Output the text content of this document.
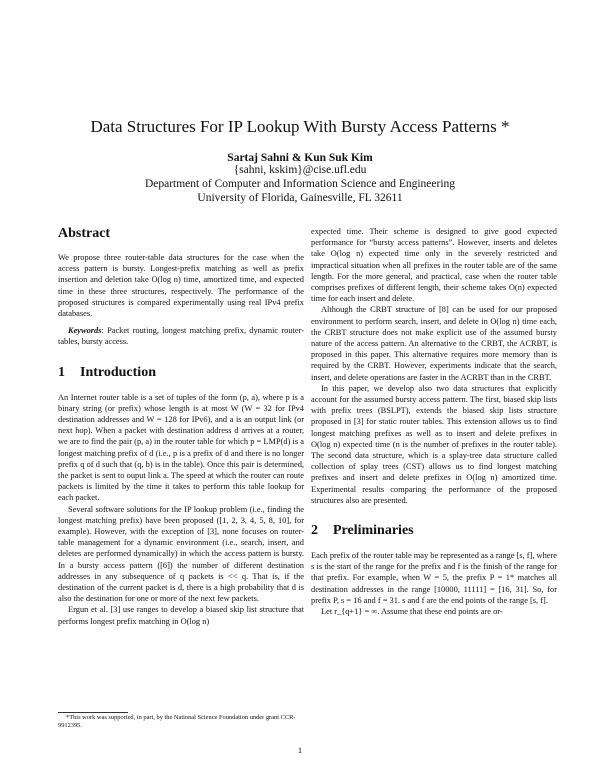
Data Structures For IP Lookup With Bursty Access Patterns *
Sartaj Sahni & Kun Suk Kim
{sahni, kskim}@cise.ufl.edu
Department of Computer and Information Science and Engineering
University of Florida, Gainesville, FL 32611
Abstract

We propose three router-table data structures for the case when the access pattern is bursty. Longest-prefix matching as well as prefix insertion and deletion take O(log n) time, amortized time, and expected time in these three structures, respectively. The performance of the proposed structures is compared experimentally using real IPv4 prefix databases.

Keywords: Packet routing, longest matching prefix, dynamic router-tables, bursty access.

1 Introduction

An Internet router table is a set of tuples of the form (p, a), where p is a binary string (or prefix) whose length is at most W (W = 32 for IPv4 destination addresses and W = 128 for IPv6), and a is an output link (or next hop). When a packet with destination address d arrives at a router, we are to find the pair (p, a) in the router table for which p = LMP(d) is a longest matching prefix of d (i.e., p is a prefix of d and there is no longer prefix q of d such that (q, b) is in the table). Once this pair is determined, the packet is sent to ouput link a. The speed at which the router can route packets is limited by the time it takes to perform this table lookup for each packet.

Several software solutions for the IP lookup problem (i.e., finding the longest matching prefix) have been proposed ([1, 2, 3, 4, 5, 8, 10], for example). However, with the exception of [3], none focuses on router-table management for a dynamic environment (i.e., search, insert, and deletes are performed dynamically) in which the access pattern is bursty. In a bursty access pattern ([6]) the number of different destination addresses in any subsequence of q packets is << q. That is, if the destination of the current packet is d, there is a high probability that d is also the destination for one or more of the next few packets.

Ergun et al. [3] use ranges to develop a biased skip list structure that performs longest prefix matching in O(log n)

expected time. Their scheme is designed to give good expected performance for “bursty access patterns”. However, inserts and deletes take O(log n) expected time only in the severely restricted and impractical situation when all prefixes in the router table are of the same length. For the more general, and practical, case when the router table comprises prefixes of different length, their scheme takes O(n) expected time for each insert and delete.

Although the CRBT structure of [8] can be used for our proposed environment to perform search, insert, and delete in O(log n) time each, the CRBT structure does not make explicit use of the assumed bursty nature of the access pattern. An alternative to the CRBT, the ACRBT, is proposed in this paper. This alternative requires more memory than is required by the CRBT. However, experiments indicate that the search, insert, and delete operations are faster in the ACRBT than in the CRBT.

In this paper, we develop also two data structures that explicitly account for the assumed bursty access pattern. The first, biased skip lists with prefix trees (BSLPT), extends the biased skip lists structure proposed in [3] for static router tables. This extension allows us to find longest matching prefixes as well as to insert and delete prefixes in O(log n) expected time (n is the number of prefixes in the router table). The second data structure, which is a splay-tree data structure called collection of splay trees (CST) allows us to find longest matching prefixes and insert and delete prefixes in O(log n) amortized time. Experimental results comparing the performance of the proposed structures also are presented.

2 Preliminaries

Each prefix of the router table may be represented as a range [s, f], where s is the start of the range for the prefix and f is the finish of the range for that prefix. For example, when W = 5, the prefix P = 1* matches all destination addresses in the range [10000, 11111] = [16, 31]. So, for prefix P, s = 16 and f = 31. s and f are the end points of the range [s, f].

Let r_{q+1} = ∞. Assume that these end points are or-

*This work was supported, in part, by the National Science Foundation under grant CCR-9912395.
1
